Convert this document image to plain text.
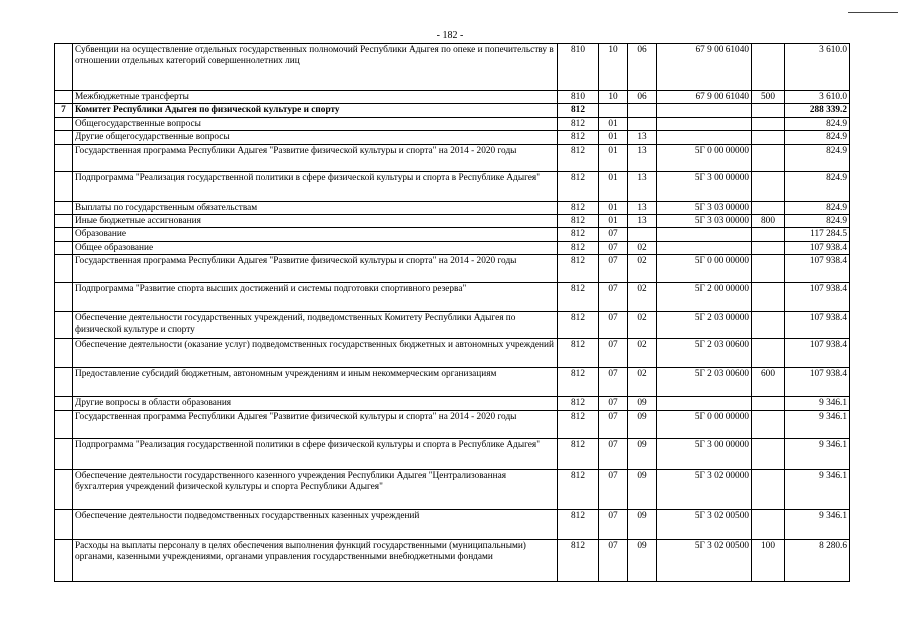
- 182 -
	Субвенции на осуществление отдельных государственных полномочий Республики Адыгея по опеке и попечительству в отношении отдельных категорий совершеннолетних лиц	810	10	06	67 9 00 61040		3 610.0
	Межбюджетные трансферты	810	10	06	67 9 00 61040	500	3 610.0
7	Комитет Республики Адыгея по физической культуре и спорту	812					288 339.2
	Общегосударственные вопросы	812	01				824.9
	Другие общегосударственные вопросы	812	01	13			824.9
	Государственная программа Республики Адыгея "Развитие физической культуры и спорта" на 2014 - 2020 годы	812	01	13	5Г 0 00 00000		824.9
	Подпрограмма "Реализация государственной политики в сфере физической культуры и спорта в Республике Адыгея"	812	01	13	5Г 3 00 00000		824.9
	Выплаты по государственным обязательствам	812	01	13	5Г 3 03 00000		824.9
	Иные бюджетные ассигнования	812	01	13	5Г 3 03 00000	800	824.9
	Образование	812	07				117 284.5
	Общее образование	812	07	02			107 938.4
	Государственная программа Республики Адыгея "Развитие физической культуры и спорта" на 2014 - 2020 годы	812	07	02	5Г 0 00 00000		107 938.4
	Подпрограмма "Развитие спорта высших достижений и системы подготовки спортивного резерва"	812	07	02	5Г 2 00 00000		107 938.4
	Обеспечение деятельности государственных учреждений, подведомственных Комитету Республики Адыгея по физической культуре и спорту	812	07	02	5Г 2 03 00000		107 938.4
	Обеспечение деятельности (оказание услуг) подведомственных государственных бюджетных и автономных учреждений	812	07	02	5Г 2 03 00600		107 938.4
	Предоставление субсидий бюджетным, автономным учреждениям и иным некоммерческим организациям	812	07	02	5Г 2 03 00600	600	107 938.4
	Другие вопросы в области образования	812	07	09			9 346.1
	Государственная программа Республики Адыгея "Развитие физической культуры и спорта" на 2014 - 2020 годы	812	07	09	5Г 0 00 00000		9 346.1
	Подпрограмма "Реализация государственной политики в сфере физической культуры и спорта в Республике Адыгея"	812	07	09	5Г 3 00 00000		9 346.1
	Обеспечение деятельности государственного казенного учреждения Республики Адыгея "Централизованная бухгалтерия учреждений физической культуры и спорта Республики Адыгея"	812	07	09	5Г 3 02 00000		9 346.1
	Обеспечение деятельности подведомственных государственных казенных учреждений	812	07	09	5Г 3 02 00500		9 346.1
	Расходы на выплаты персоналу в целях обеспечения выполнения функций государственными (муниципальными) органами, казенными учреждениями, органами управления государственными внебюджетными фондами	812	07	09	5Г 3 02 00500	100	8 280.6
